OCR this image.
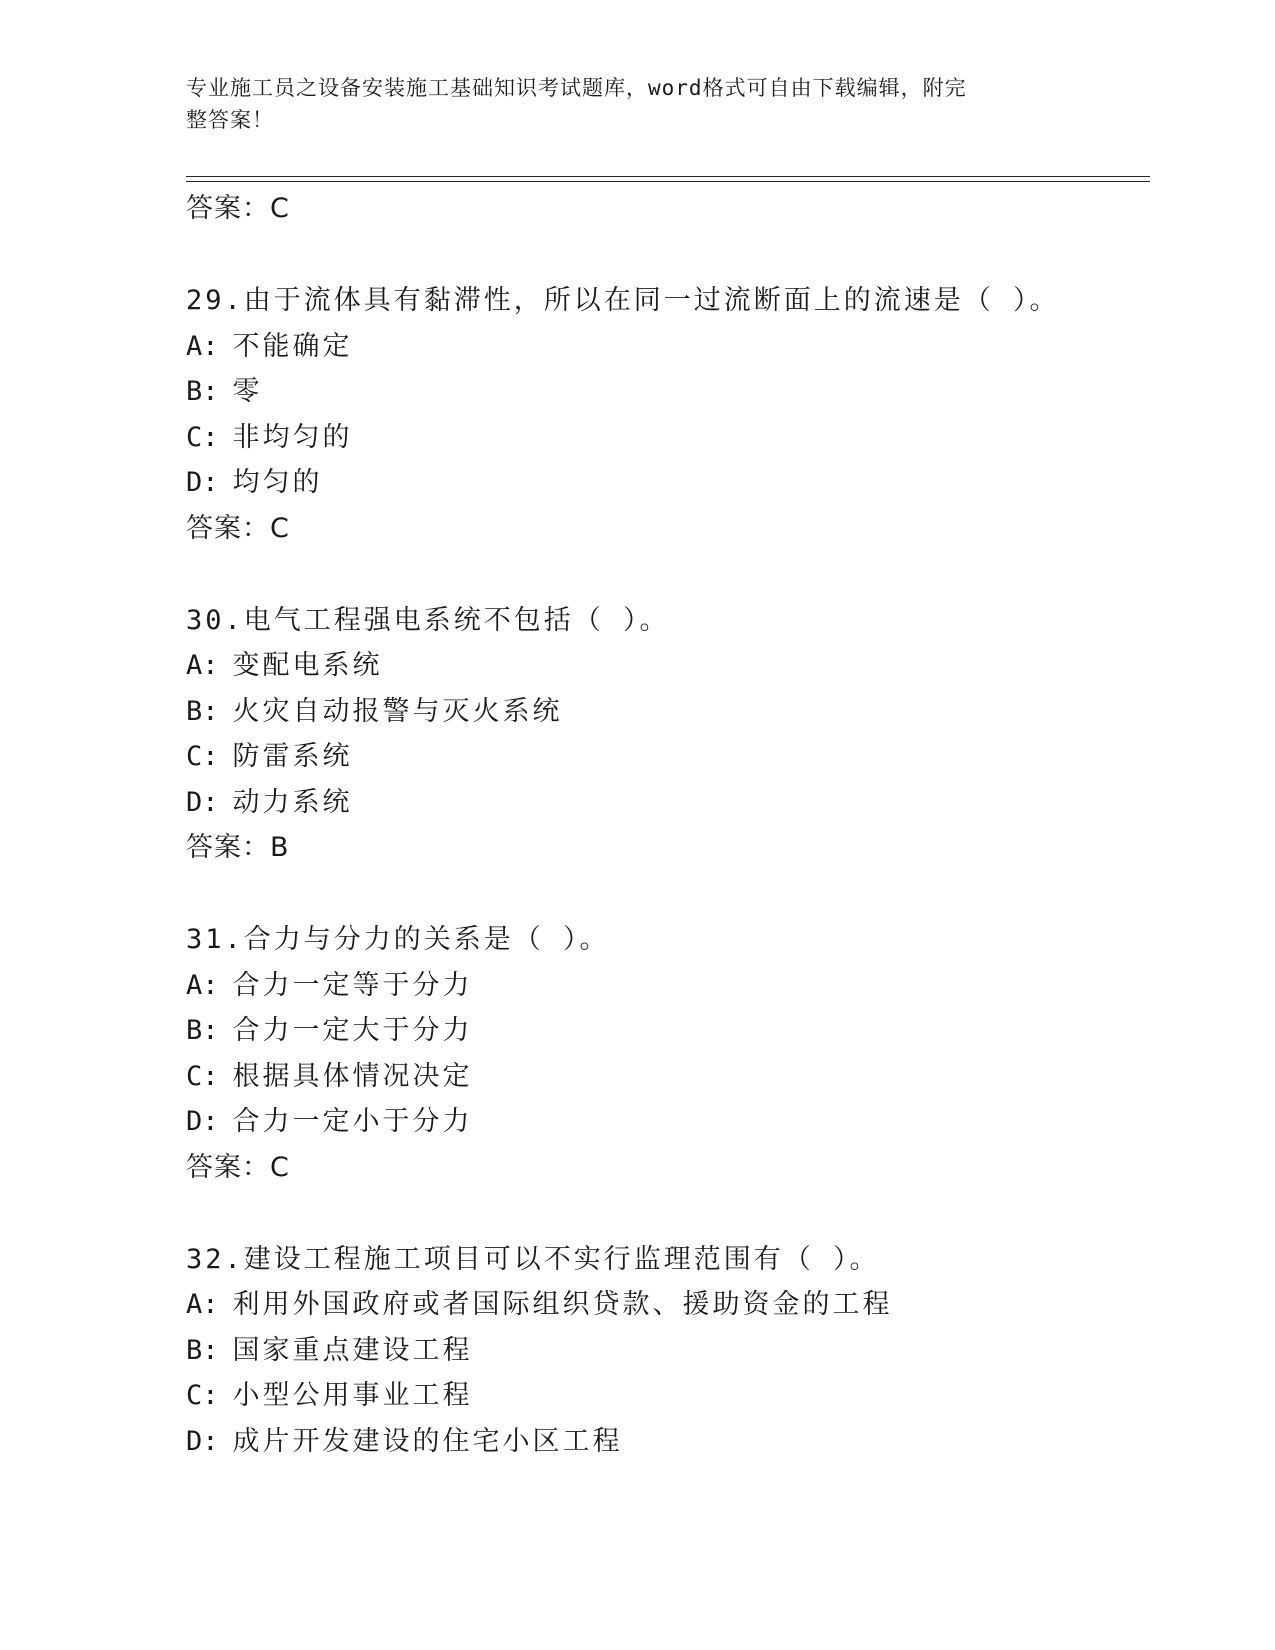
专业施工员之设备安装施工基础知识考试题库，word格式可自由下载编辑，附完
整答案！
答案：C
29.由于流体具有黏滞性，所以在同一过流断面上的流速是（ ）。
A: 不能确定
B: 零
C: 非均匀的
D: 均匀的
答案：C
30.电气工程强电系统不包括（ ）。
A: 变配电系统
B: 火灾自动报警与灭火系统
C: 防雷系统
D: 动力系统
答案：B
31.合力与分力的关系是（ ）。
A: 合力一定等于分力
B: 合力一定大于分力
C: 根据具体情况决定
D: 合力一定小于分力
答案：C
32.建设工程施工项目可以不实行监理范围有（ ）。
A: 利用外国政府或者国际组织贷款、援助资金的工程
B: 国家重点建设工程
C: 小型公用事业工程
D: 成片开发建设的住宅小区工程
